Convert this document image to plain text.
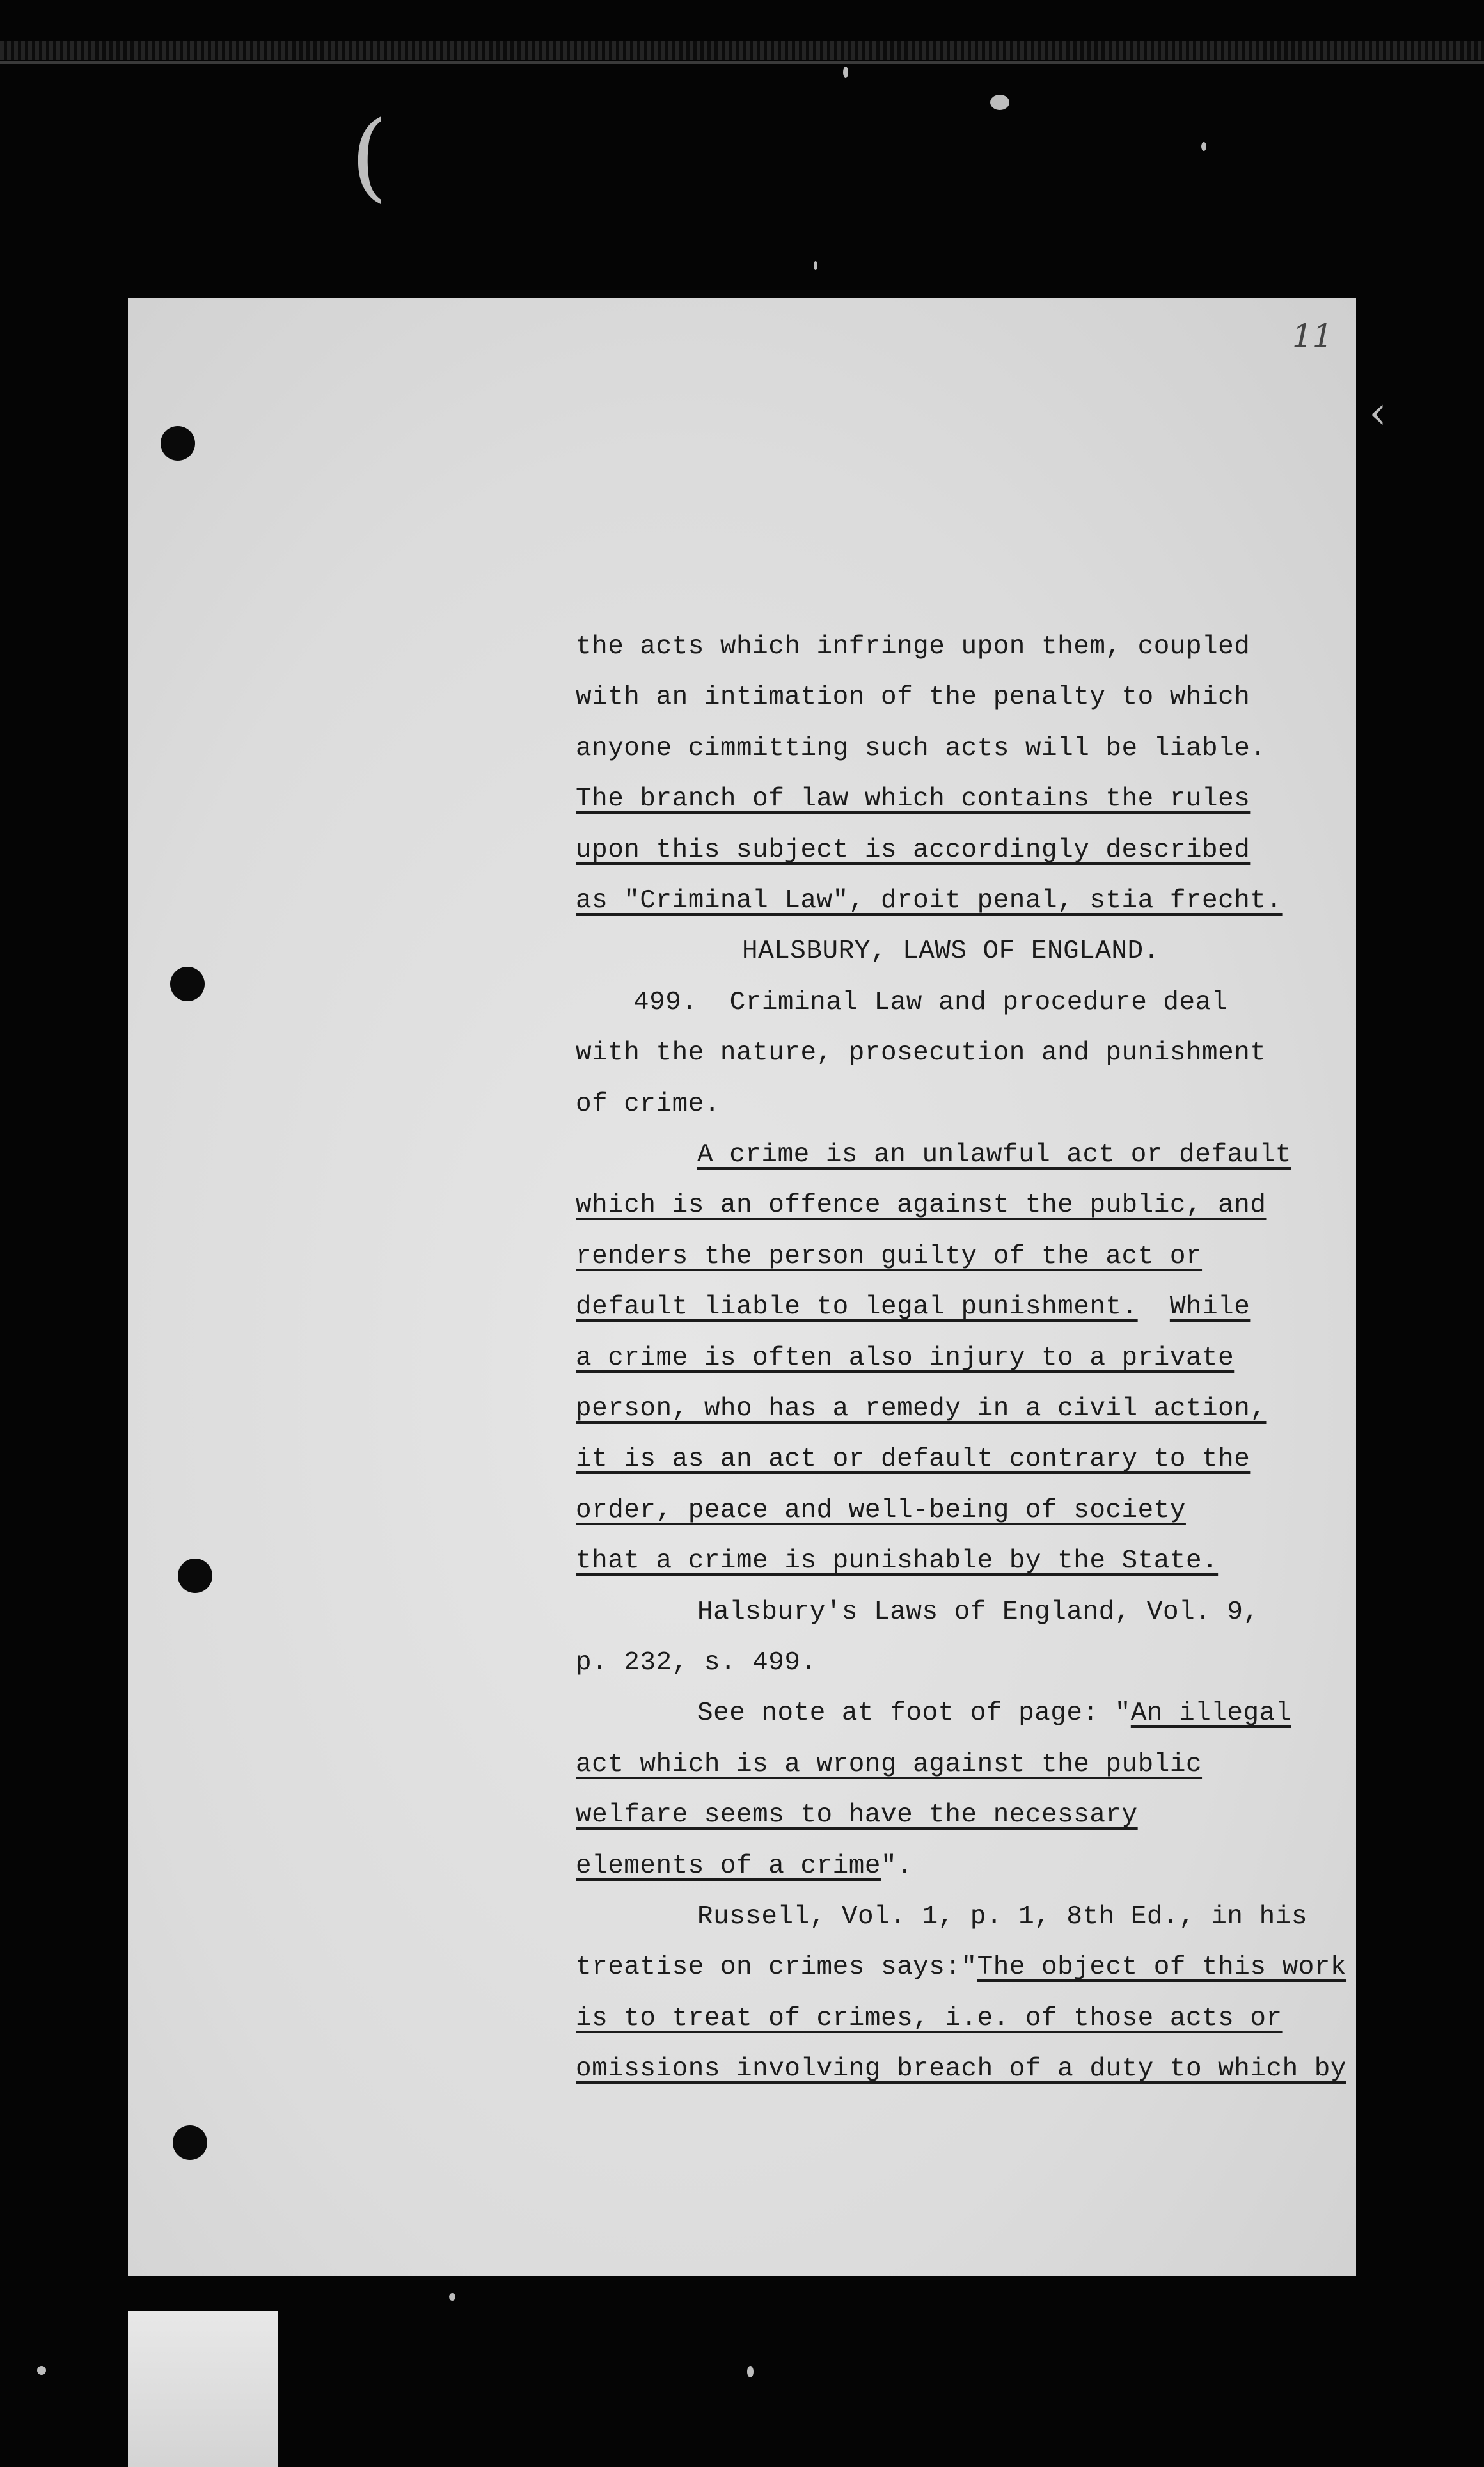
(
‹
11
the acts which infringe upon them, coupled
with an intimation of the penalty to which
anyone cimmitting such acts will be liable.
The branch of law which contains the rules
upon this subject is accordingly described
as "Criminal Law", droit penal, stia frecht.
HALSBURY, LAWS OF ENGLAND.
499.  Criminal Law and procedure deal
with the nature, prosecution and punishment
of crime.
A crime is an unlawful act or default
which is an offence against the public, and
renders the person guilty of the act or
default liable to legal punishment. While
a crime is often also injury to a private
person, who has a remedy in a civil action,
it is as an act or default contrary to the
order, peace and well-being of society
that a crime is punishable by the State.
Halsbury's Laws of England, Vol. 9,
p. 232, s. 499.
See note at foot of page: "An illegal
act which is a wrong against the public
welfare seems to have the necessary
elements of a crime".
Russell, Vol. 1, p. 1, 8th Ed., in his
treatise on crimes says:"The object of this work
is to treat of crimes, i.e. of those acts or
omissions involving breach of a duty to which by
